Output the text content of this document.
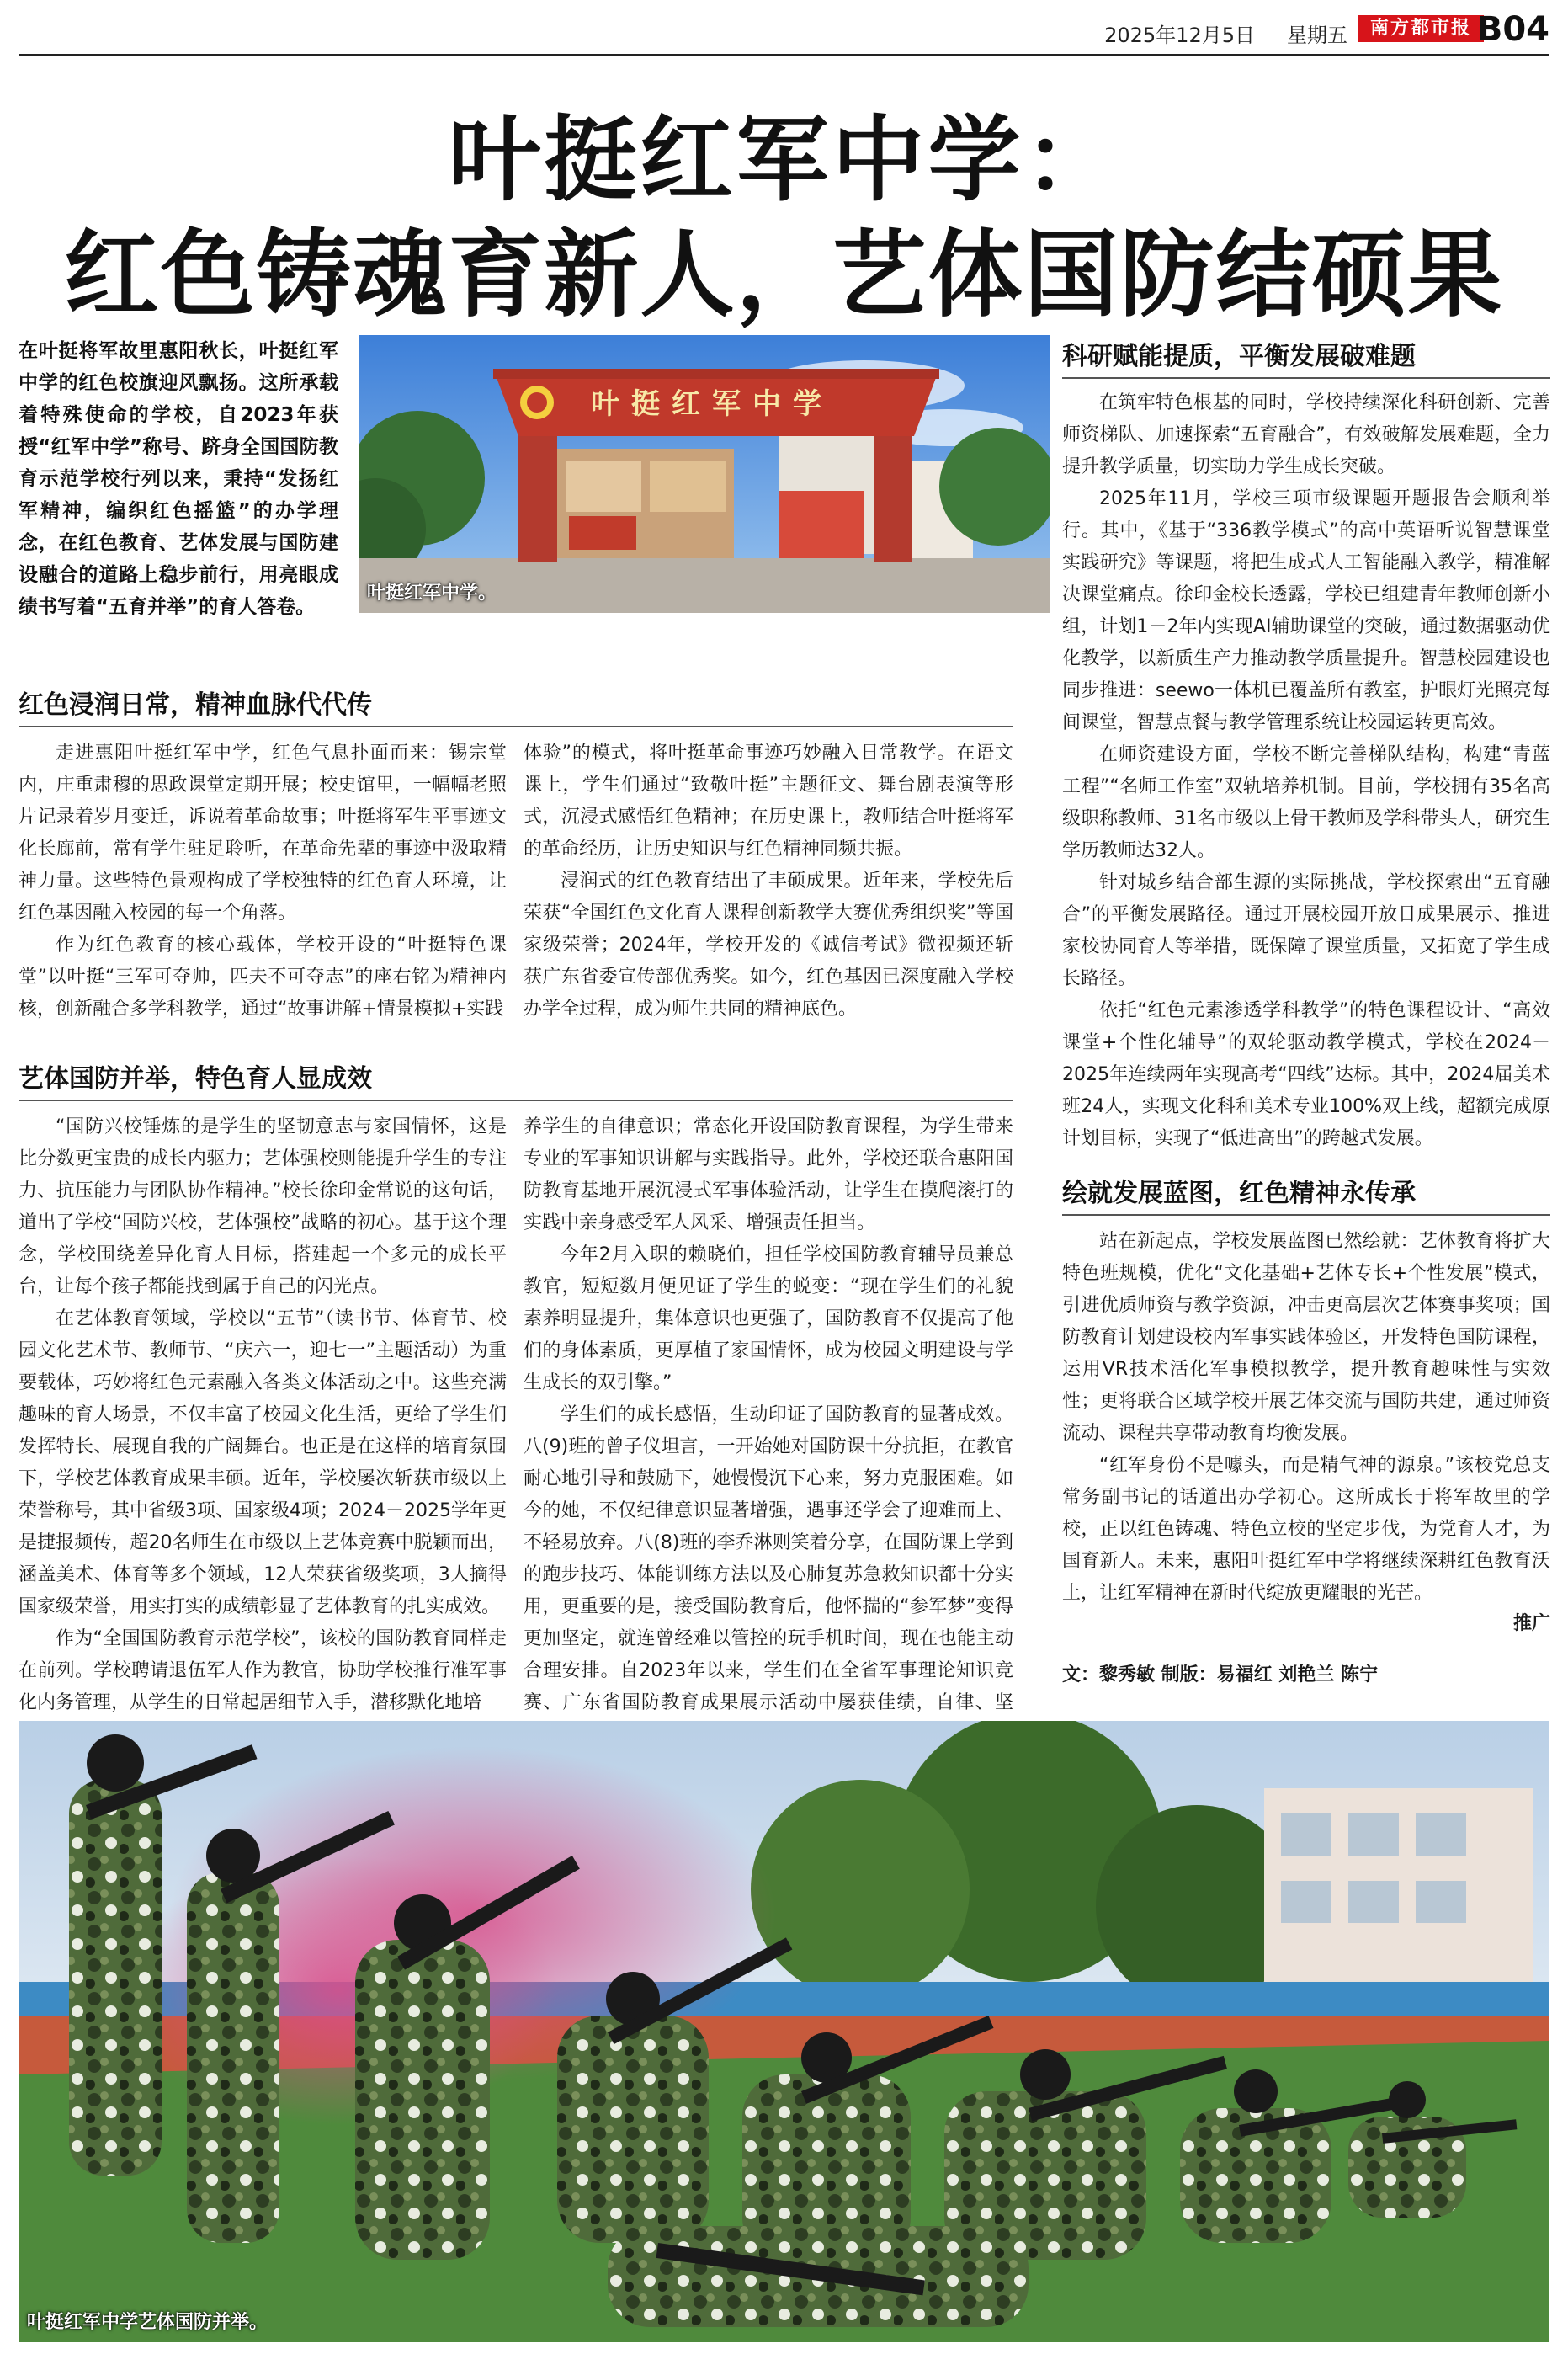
2025年12月5日 星期五	南方都市报 B04
叶挺红军中学：
红色铸魂育新人，艺体国防结硕果

在叶挺将军故里惠阳秋长，叶挺红军中学的红色校旗迎风飘扬。这所承载着特殊使命的学校，自2023年获授“红军中学”称号、跻身全国国防教育示范学校行列以来，秉持“发扬红军精神，编织红色摇篮”的办学理念，在红色教育、艺体发展与国防建设融合的道路上稳步前行，用亮眼成绩书写着“五育并举”的育人答卷。

叶挺红军中学
叶挺红军中学。
红色浸润日常，精神血脉代代传

走进惠阳叶挺红军中学，红色气息扑面而来：锡宗堂内，庄重肃穆的思政课堂定期开展；校史馆里，一幅幅老照片记录着岁月变迁，诉说着革命故事；叶挺将军生平事迹文化长廊前，常有学生驻足聆听，在革命先辈的事迹中汲取精神力量。这些特色景观构成了学校独特的红色育人环境，让红色基因融入校园的每一个角落。

作为红色教育的核心载体，学校开设的“叶挺特色课堂”以叶挺“三军可夺帅，匹夫不可夺志”的座右铭为精神内核，创新融合多学科教学，通过“故事讲解+情景模拟+实践

体验”的模式，将叶挺革命事迹巧妙融入日常教学。在语文课上，学生们通过“致敬叶挺”主题征文、舞台剧表演等形式，沉浸式感悟红色精神；在历史课上，教师结合叶挺将军的革命经历，让历史知识与红色精神同频共振。

浸润式的红色教育结出了丰硕成果。近年来，学校先后荣获“全国红色文化育人课程创新教学大赛优秀组织奖”等国家级荣誉；2024年，学校开发的《诚信考试》微视频还斩获广东省委宣传部优秀奖。如今，红色基因已深度融入学校办学全过程，成为师生共同的精神底色。

艺体国防并举，特色育人显成效

“国防兴校锤炼的是学生的坚韧意志与家国情怀，这是比分数更宝贵的成长内驱力；艺体强校则能提升学生的专注力、抗压能力与团队协作精神。”校长徐印金常说的这句话，道出了学校“国防兴校，艺体强校”战略的初心。基于这个理念，学校围绕差异化育人目标，搭建起一个多元的成长平台，让每个孩子都能找到属于自己的闪光点。

在艺体教育领域，学校以“五节”（读书节、体育节、校园文化艺术节、教师节、“庆六一，迎七一”主题活动）为重要载体，巧妙将红色元素融入各类文体活动之中。这些充满趣味的育人场景，不仅丰富了校园文化生活，更给了学生们发挥特长、展现自我的广阔舞台。也正是在这样的培育氛围下，学校艺体教育成果丰硕。近年，学校屡次斩获市级以上荣誉称号，其中省级3项、国家级4项；2024－2025学年更是捷报频传，超20名师生在市级以上艺体竞赛中脱颖而出，涵盖美术、体育等多个领域，12人荣获省级奖项，3人摘得国家级荣誉，用实打实的成绩彰显了艺体教育的扎实成效。

作为“全国国防教育示范学校”，该校的国防教育同样走在前列。学校聘请退伍军人作为教官，协助学校推行准军事化内务管理，从学生的日常起居细节入手，潜移默化地培

养学生的自律意识；常态化开设国防教育课程，为学生带来专业的军事知识讲解与实践指导。此外，学校还联合惠阳国防教育基地开展沉浸式军事体验活动，让学生在摸爬滚打的实践中亲身感受军人风采、增强责任担当。

今年2月入职的赖晓伯，担任学校国防教育辅导员兼总教官，短短数月便见证了学生的蜕变：“现在学生们的礼貌素养明显提升，集体意识也更强了，国防教育不仅提高了他们的身体素质，更厚植了家国情怀，成为校园文明建设与学生成长的双引擎。”

学生们的成长感悟，生动印证了国防教育的显著成效。八(9)班的曾子仪坦言，一开始她对国防课十分抗拒，在教官耐心地引导和鼓励下，她慢慢沉下心来，努力克服困难。如今的她，不仅纪律意识显著增强，遇事还学会了迎难而上、不轻易放弃。八(8)班的李乔淋则笑着分享，在国防课上学到的跑步技巧、体能训练方法以及心肺复苏急救知识都十分实用，更重要的是，接受国防教育后，他怀揣的“参军梦”变得更加坚定，就连曾经难以管控的玩手机时间，现在也能主动合理安排。自2023年以来，学生们在全省军事理论知识竞赛、广东省国防教育成果展示活动中屡获佳绩，自律、坚

科研赋能提质，平衡发展破难题

在筑牢特色根基的同时，学校持续深化科研创新、完善师资梯队、加速探索“五育融合”，有效破解发展难题，全力提升教学质量，切实助力学生成长突破。

2025年11月，学校三项市级课题开题报告会顺利举行。其中，《基于“336教学模式”的高中英语听说智慧课堂实践研究》等课题，将把生成式人工智能融入教学，精准解决课堂痛点。徐印金校长透露，学校已组建青年教师创新小组，计划1－2年内实现AI辅助课堂的突破，通过数据驱动优化教学，以新质生产力推动教学质量提升。智慧校园建设也同步推进：seewo一体机已覆盖所有教室，护眼灯光照亮每间课堂，智慧点餐与教学管理系统让校园运转更高效。

在师资建设方面，学校不断完善梯队结构，构建“青蓝工程”“名师工作室”双轨培养机制。目前，学校拥有35名高级职称教师、31名市级以上骨干教师及学科带头人，研究生学历教师达32人。

针对城乡结合部生源的实际挑战，学校探索出“五育融合”的平衡发展路径。通过开展校园开放日成果展示、推进家校协同育人等举措，既保障了课堂质量，又拓宽了学生成长路径。

依托“红色元素渗透学科教学”的特色课程设计、“高效课堂+个性化辅导”的双轮驱动教学模式，学校在2024－2025年连续两年实现高考“四线”达标。其中，2024届美术班24人，实现文化科和美术专业100%双上线，超额完成原计划目标，实现了“低进高出”的跨越式发展。

绘就发展蓝图，红色精神永传承

站在新起点，学校发展蓝图已然绘就：艺体教育将扩大特色班规模，优化“文化基础+艺体专长+个性发展”模式，引进优质师资与教学资源，冲击更高层次艺体赛事奖项；国防教育计划建设校内军事实践体验区，开发特色国防课程，运用VR技术活化军事模拟教学，提升教育趣味性与实效性；更将联合区域学校开展艺体交流与国防共建，通过师资流动、课程共享带动教育均衡发展。

“红军身份不是噱头，而是精气神的源泉。”该校党总支常务副书记的话道出办学初心。这所成长于将军故里的学校，正以红色铸魂、特色立校的坚定步伐，为党育人才，为国育新人。未来，惠阳叶挺红军中学将继续深耕红色教育沃土，让红军精神在新时代绽放更耀眼的光芒。

推广
文：黎秀敏 制版：易福红 刘艳兰 陈宁
叶挺红军中学艺体国防并举。
